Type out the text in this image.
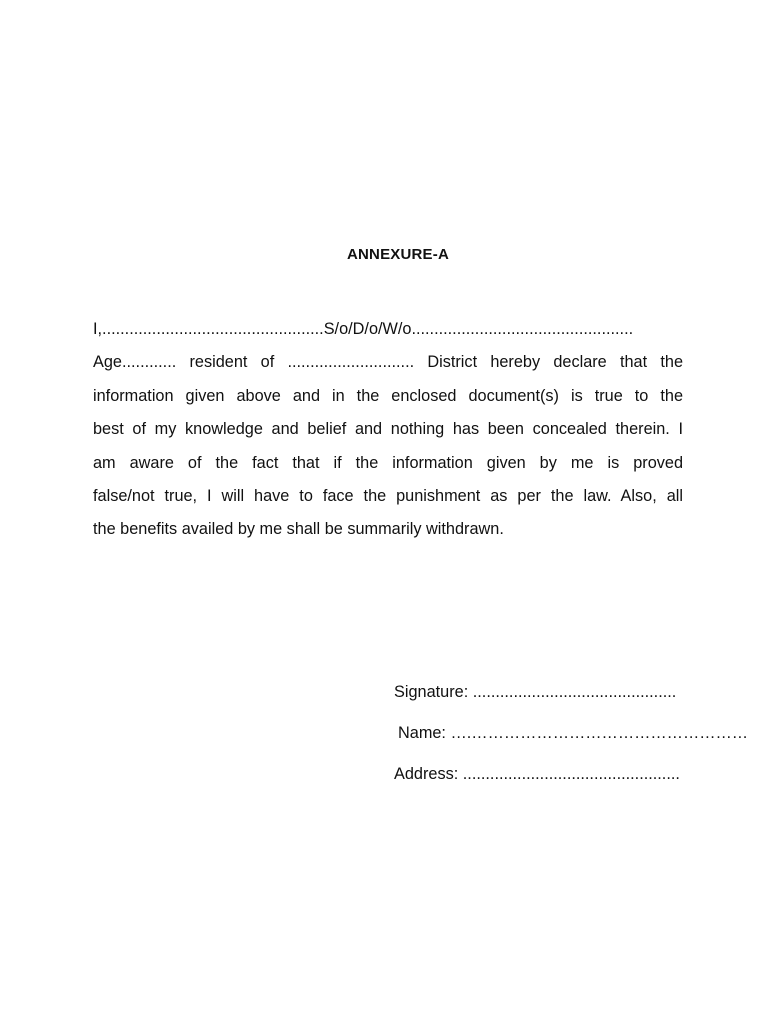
ANNEXURE-A
I,.................................................S/o/D/o/W/o.................................................
Age............ resident of ............................ District hereby declare that the
information given above and in the enclosed document(s) is true to the
best of my knowledge and belief and nothing has been concealed therein. I
am aware of the fact that if the information given by me is proved
false/not true, I will have to face the punishment as per the law. Also, all
the benefits availed by me shall be summarily withdrawn.
Signature: .............................................
Name: ….……………………………………………
Address: ................................................
